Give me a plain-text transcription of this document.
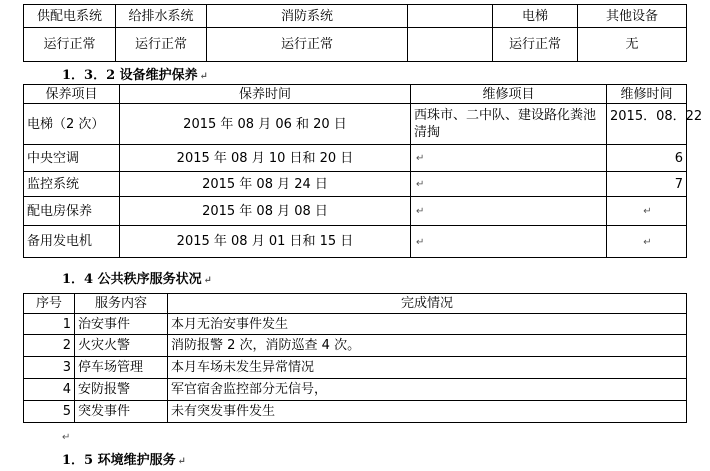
供配电系统	给排水系统	消防系统		电梯	其他设备
运行正常	运行正常	运行正常		运行正常	无
1．3．2 设备维护保养 ↵
保养项目	保养时间	维修项目	维修时间
电梯（2 次）	2015 年 08 月 06 和 20 日	西珠市、二中队、建设路化粪池清掏	2015．08．22
中央空调	2015 年 08 月 10 日和 20 日	↵	6
监控系统	2015 年 08 月 24 日	↵	7
配电房保养	2015 年 08 月 08 日	↵	↵
备用发电机	2015 年 08 月 01 日和 15 日	↵	↵
1．4 公共秩序服务状况 ↵
序号	服务内容	完成情况
1	治安事件	本月无治安事件发生
2	火灾火警	消防报警 2 次，消防巡查 4 次。
3	停车场管理	本月车场未发生异常情况
4	安防报警	军官宿舍监控部分无信号，
5	突发事件	未有突发事件发生
↵
1．5 环境维护服务 ↵
